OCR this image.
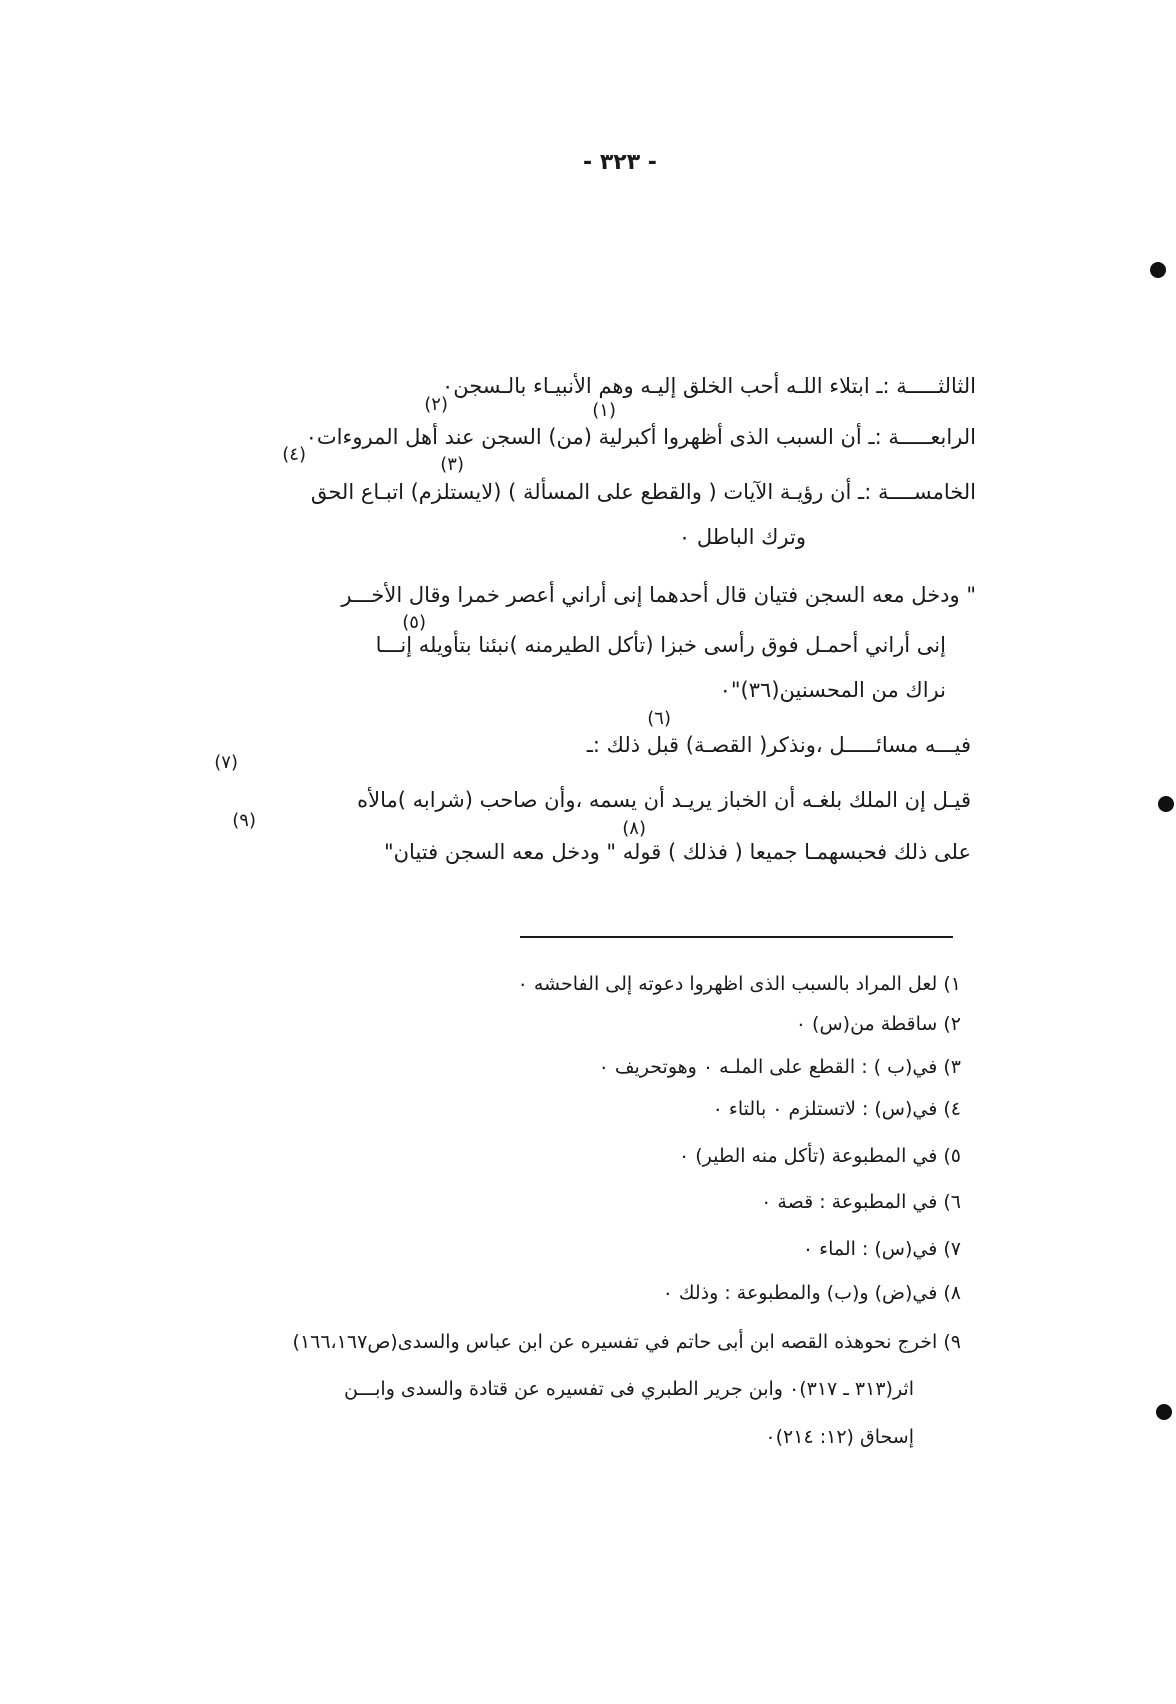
- ٣٢٣ -
الثالثـــــة :ـ ابتلاء اللـه أحب الخلق إليـه وهم الأنبيـاء بالـسجن٠
(١)
(٢)
الرابعـــــة :ـ أن السبب الذى أظهروا أكبرلية (من) السجن عند أهل المروءات٠
(٣)
(٤)
الخامســــة :ـ أن رؤيـة الآيات ( والقطع على المسألة ) (لايستلزم) اتبـاع الحق
وترك الباطل ٠
" ودخل معه السجن فتيان قال أحدهما إنى أراني أعصر خمرا وقال الأخـــر
(٥)
إنى أراني أحمـل فوق رأسى خبزا (تأكل الطيرمنه )نبئنا بتأويله إنـــا
نراك من المحسنين(٣٦)"٠
(٦)
فيـــه مسائـــــل ،ونذكر( القصـة) قبل ذلك :ـ
(٧)
قيـل إن الملك بلغـه أن الخباز يريـد أن يسمه ،وأن صاحب (شرابه )مالأه
(٨)
(٩)
على ذلك فحبسهمـا جميعا ( فذلك ) قوله " ودخل معه السجن فتيان"
١) لعل المراد بالسبب الذى اظهروا دعوته إلى الفاحشه ٠
٢) ساقطة من(س) ٠
٣) في(ب ) : القطع على الملـه ٠ وهوتحريف ٠
٤) في(س) : لاتستلزم ٠ بالتاء ٠
٥) في المطبوعة (تأكل منه الطير) ٠
٦) في المطبوعة : قصة ٠
٧) في(س) : الماء ٠
٨) في(ض) و(ب) والمطبوعة : وذلك ٠
٩) اخرج نحوهذه القصه ابن أبى حاتم في تفسيره عن ابن عباس والسدى(ص١٦٦،١٦٧)
اثر(٣١٣ ـ ٣١٧)٠ وابن جرير الطبري فى تفسيره عن قتادة والسدى وابـــن
إسحاق (١٢: ٢١٤)٠
